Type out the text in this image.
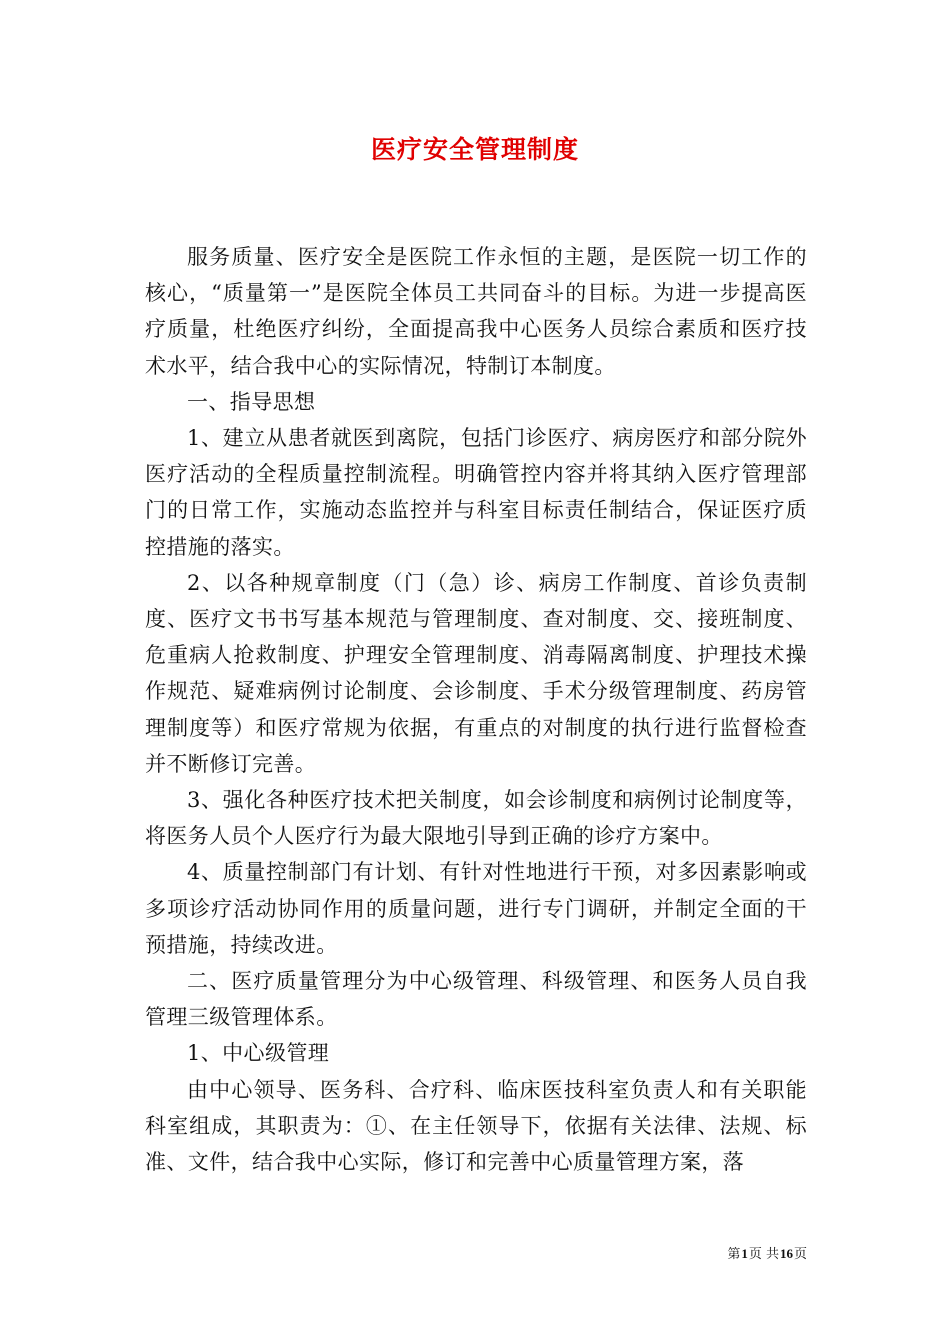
医疗安全管理制度

服务质量、医疗安全是医院工作永恒的主题，是医院一切工作的核心，“质量第一”是医院全体员工共同奋斗的目标。为进一步提高医疗质量，杜绝医疗纠纷，全面提高我中心医务人员综合素质和医疗技术水平，结合我中心的实际情况，特制订本制度。

一、指导思想

1、建立从患者就医到离院，包括门诊医疗、病房医疗和部分院外医疗活动的全程质量控制流程。明确管控内容并将其纳入医疗管理部门的日常工作，实施动态监控并与科室目标责任制结合，保证医疗质控措施的落实。

2、以各种规章制度（门（急）诊、病房工作制度、首诊负责制度、医疗文书书写基本规范与管理制度、查对制度、交、接班制度、危重病人抢救制度、护理安全管理制度、消毒隔离制度、护理技术操作规范、疑难病例讨论制度、会诊制度、手术分级管理制度、药房管理制度等）和医疗常规为依据，有重点的对制度的执行进行监督检查并不断修订完善。

3、强化各种医疗技术把关制度，如会诊制度和病例讨论制度等，将医务人员个人医疗行为最大限地引导到正确的诊疗方案中。

4、质量控制部门有计划、有针对性地进行干预，对多因素影响或多项诊疗活动协同作用的质量问题，进行专门调研，并制定全面的干预措施，持续改进。

二、医疗质量管理分为中心级管理、科级管理、和医务人员自我管理三级管理体系。

1、中心级管理

由中心领导、医务科、合疗科、临床医技科室负责人和有关职能科室组成，其职责为：①、在主任领导下，依据有关法律、法规、标准、文件，结合我中心实际，修订和完善中心质量管理方案，落

第1页 共16页
